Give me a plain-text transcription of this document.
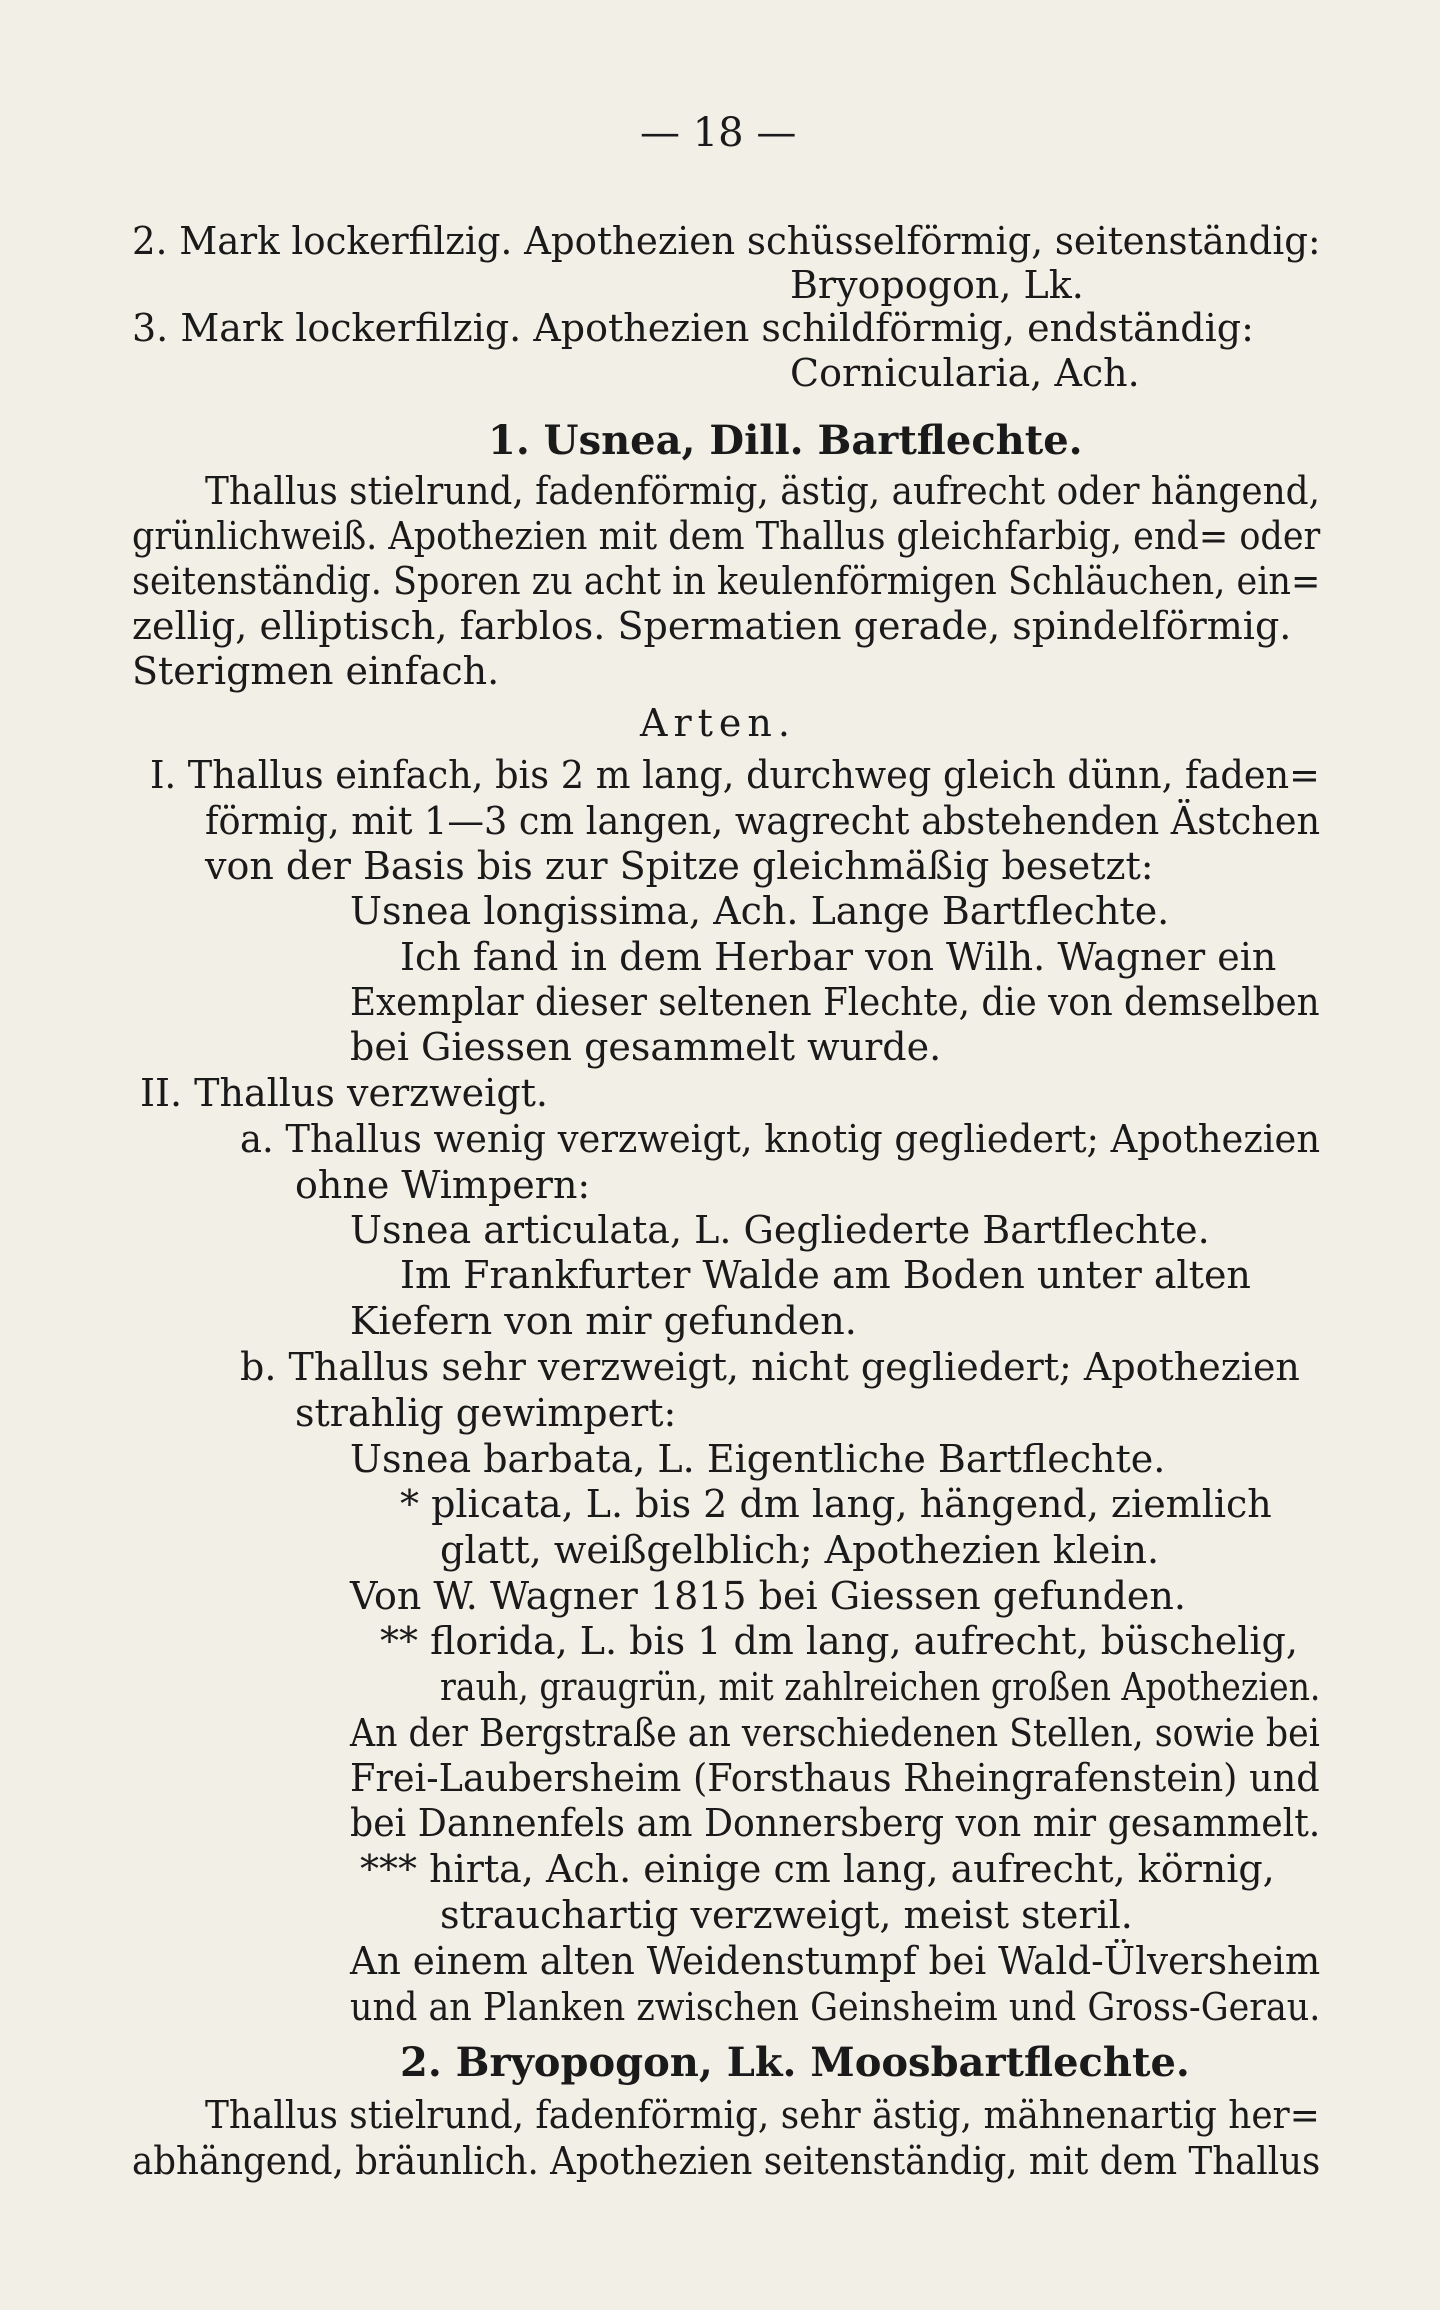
— 18 —
2. Mark lockerfilzig. Apothezien schüsselförmig, seitenständig:
Bryopogon, Lk.
3. Mark lockerfilzig. Apothezien schildförmig, endständig:
Cornicularia, Ach.
1. Usnea, Dill. Bartflechte.
Thallus stielrund, fadenförmig, ästig, aufrecht oder hängend,
grünlichweiß. Apothezien mit dem Thallus gleichfarbig, end= oder
seitenständig. Sporen zu acht in keulenförmigen Schläuchen, ein=
zellig, elliptisch, farblos. Spermatien gerade, spindelförmig.
Sterigmen einfach.
Arten.
I. Thallus einfach, bis 2 m lang, durchweg gleich dünn, faden=
förmig, mit 1—3 cm langen, wagrecht abstehenden Ästchen
von der Basis bis zur Spitze gleichmäßig besetzt:
Usnea longissima, Ach. Lange Bartflechte.
Ich fand in dem Herbar von Wilh. Wagner ein
Exemplar dieser seltenen Flechte, die von demselben
bei Giessen gesammelt wurde.
II. Thallus verzweigt.
a. Thallus wenig verzweigt, knotig gegliedert; Apothezien
ohne Wimpern:
Usnea articulata, L. Gegliederte Bartflechte.
Im Frankfurter Walde am Boden unter alten
Kiefern von mir gefunden.
b. Thallus sehr verzweigt, nicht gegliedert; Apothezien
strahlig gewimpert:
Usnea barbata, L. Eigentliche Bartflechte.
* plicata, L. bis 2 dm lang, hängend, ziemlich
glatt, weißgelblich; Apothezien klein.
Von W. Wagner 1815 bei Giessen gefunden.
** florida, L. bis 1 dm lang, aufrecht, büschelig,
rauh, graugrün, mit zahlreichen großen Apothezien.
An der Bergstraße an verschiedenen Stellen, sowie bei
Frei-Laubersheim (Forsthaus Rheingrafenstein) und
bei Dannenfels am Donnersberg von mir gesammelt.
*** hirta, Ach. einige cm lang, aufrecht, körnig,
strauchartig verzweigt, meist steril.
An einem alten Weidenstumpf bei Wald-Ülversheim
und an Planken zwischen Geinsheim und Gross-Gerau.
2. Bryopogon, Lk. Moosbartflechte.
Thallus stielrund, fadenförmig, sehr ästig, mähnenartig her=
abhängend, bräunlich. Apothezien seitenständig, mit dem Thallus
